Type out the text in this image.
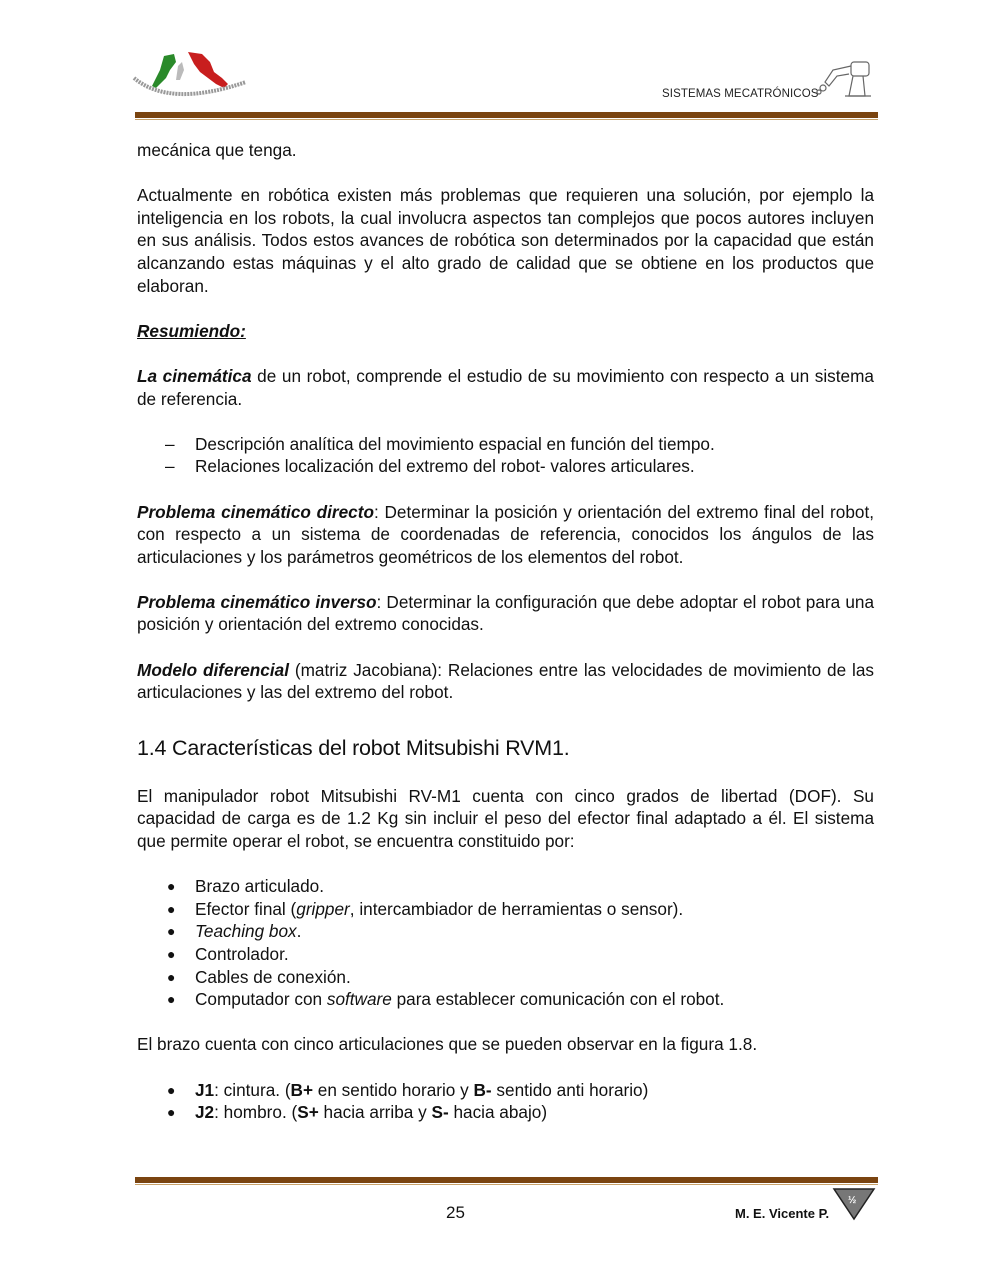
SISTEMAS MECATRÓNICOS

mecánica que tenga.

Actualmente en robótica existen más problemas que requieren una solución, por ejemplo la inteligencia en los robots, la cual involucra aspectos tan complejos que pocos autores incluyen en sus análisis. Todos estos avances de robótica son determinados por la capacidad que están alcanzando estas máquinas y el alto grado de calidad que se obtiene en los productos que elaboran.

Resumiendo:

La cinemática de un robot, comprende el estudio de su movimiento con respecto a un sistema de referencia.

– Descripción analítica del movimiento espacial en función del tiempo.
– Relaciones localización del extremo del robot- valores articulares.

Problema cinemático directo: Determinar la posición y orientación del extremo final del robot, con respecto a un sistema de coordenadas de referencia, conocidos los ángulos de las articulaciones y los parámetros geométricos de los elementos del robot.

Problema cinemático inverso: Determinar la configuración que debe adoptar el robot para una posición y orientación del extremo conocidas.

Modelo diferencial (matriz Jacobiana): Relaciones entre las velocidades de movimiento de las articulaciones y las del extremo del robot.

1.4 Características del robot Mitsubishi RVM1.

El manipulador robot Mitsubishi RV-M1 cuenta con cinco grados de libertad (DOF). Su capacidad de carga es de 1.2 Kg sin incluir el peso del efector final adaptado a él. El sistema que permite operar el robot, se encuentra constituido por:

● Brazo articulado.
● Efector final (gripper, intercambiador de herramientas o sensor).
● Teaching box.
● Controlador.
● Cables de conexión.
● Computador con software para establecer comunicación con el robot.

El brazo cuenta con cinco articulaciones que se pueden observar en la figura 1.8.

● J1: cintura. (B+ en sentido horario y B- sentido anti horario)
● J2: hombro. (S+ hacia arriba y S- hacia abajo)
25	M. E. Vicente P.
½
